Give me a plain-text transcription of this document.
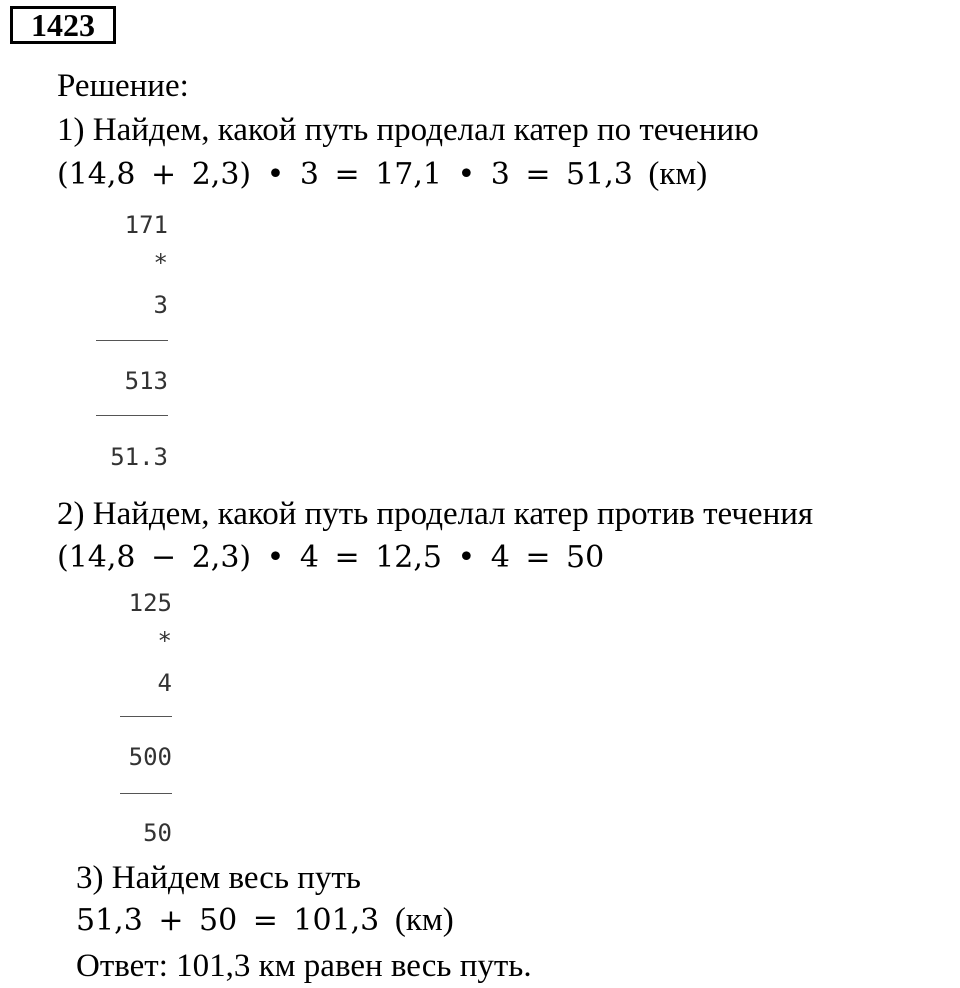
1423
Решение:
1) Найдем, какой путь проделал катер по течению
(14,8 + 2,3) • 3 = 17,1 • 3 = 51,3 (км)
171
*
3
513
51.3
2) Найдем, какой путь проделал катер против течения
(14,8 − 2,3) • 4 = 12,5 • 4 = 50
125
*
4
500
50
3) Найдем весь путь
51,3 + 50 = 101,3 (км)
Ответ: 101,3 км равен весь путь.
